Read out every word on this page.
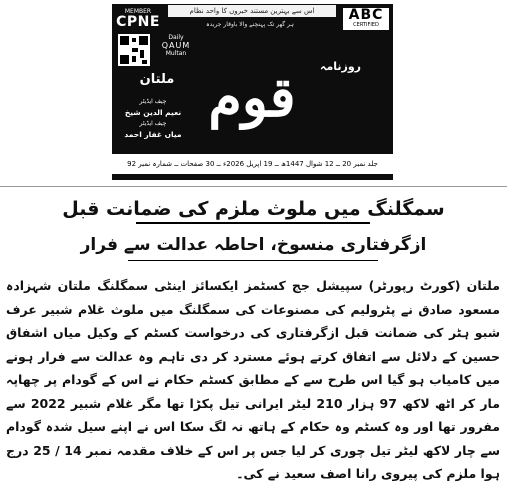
اس سے بہترین مستند خبروں کا واحد نظام
ہر گھر تک پہنچنے والا باوقار جریدہ
MEMBER
CPNE	ABC
CERTIFIED
Daily
QAUM
Multan
روزنامہ
قوم
ملتان
چیف ایڈیٹر
نعیم الدین شیخ
چیف ایڈیٹر
میاں غفار احمد
جلد نمبر 20 ــ 12 شوال 1447ھ ــ 19 اپریل 2026ء ــ 30 صفحات ــ شمارہ نمبر 92
سمگلنگ میں ملوث ملزم کی ضمانت قبل
ازگرفتاری منسوخ، احاطہ عدالت سے فرار

ملتان (کورٹ رپورٹر) سپیشل جج کسٹمز ایکسائز اینٹی سمگلنگ ملتان شہزادہ مسعود صادق نے پٹرولیم کی مصنوعات کی سمگلنگ میں ملوث غلام شبیر عرف شبو ہٹر کی ضمانت قبل ازگرفتاری کی درخواست کسٹم کے وکیل میاں اشفاق حسین کے دلائل سے اتفاق کرتے ہوئے مسترد کر دی تاہم وہ عدالت سے فرار ہونے میں کامیاب ہو گیا اس طرح سے کے مطابق کسٹم حکام نے اس کے گودام پر چھاپہ مار کر اٹھ لاکھ 97 ہزار 210 لیٹر ایرانی تیل پکڑا تھا مگر غلام شبیر 2022 سے مفرور تھا اور وہ کسٹم وہ حکام کے ہاتھ نہ لگ سکا اس نے اپنے سیل شدہ گودام سے چار لاکھ لیٹر تیل چوری کر لیا جس پر اس کے خلاف مقدمہ نمبر 14 / 25 درج ہوا ملزم کی پیروی رانا اصف سعید نے کی۔
